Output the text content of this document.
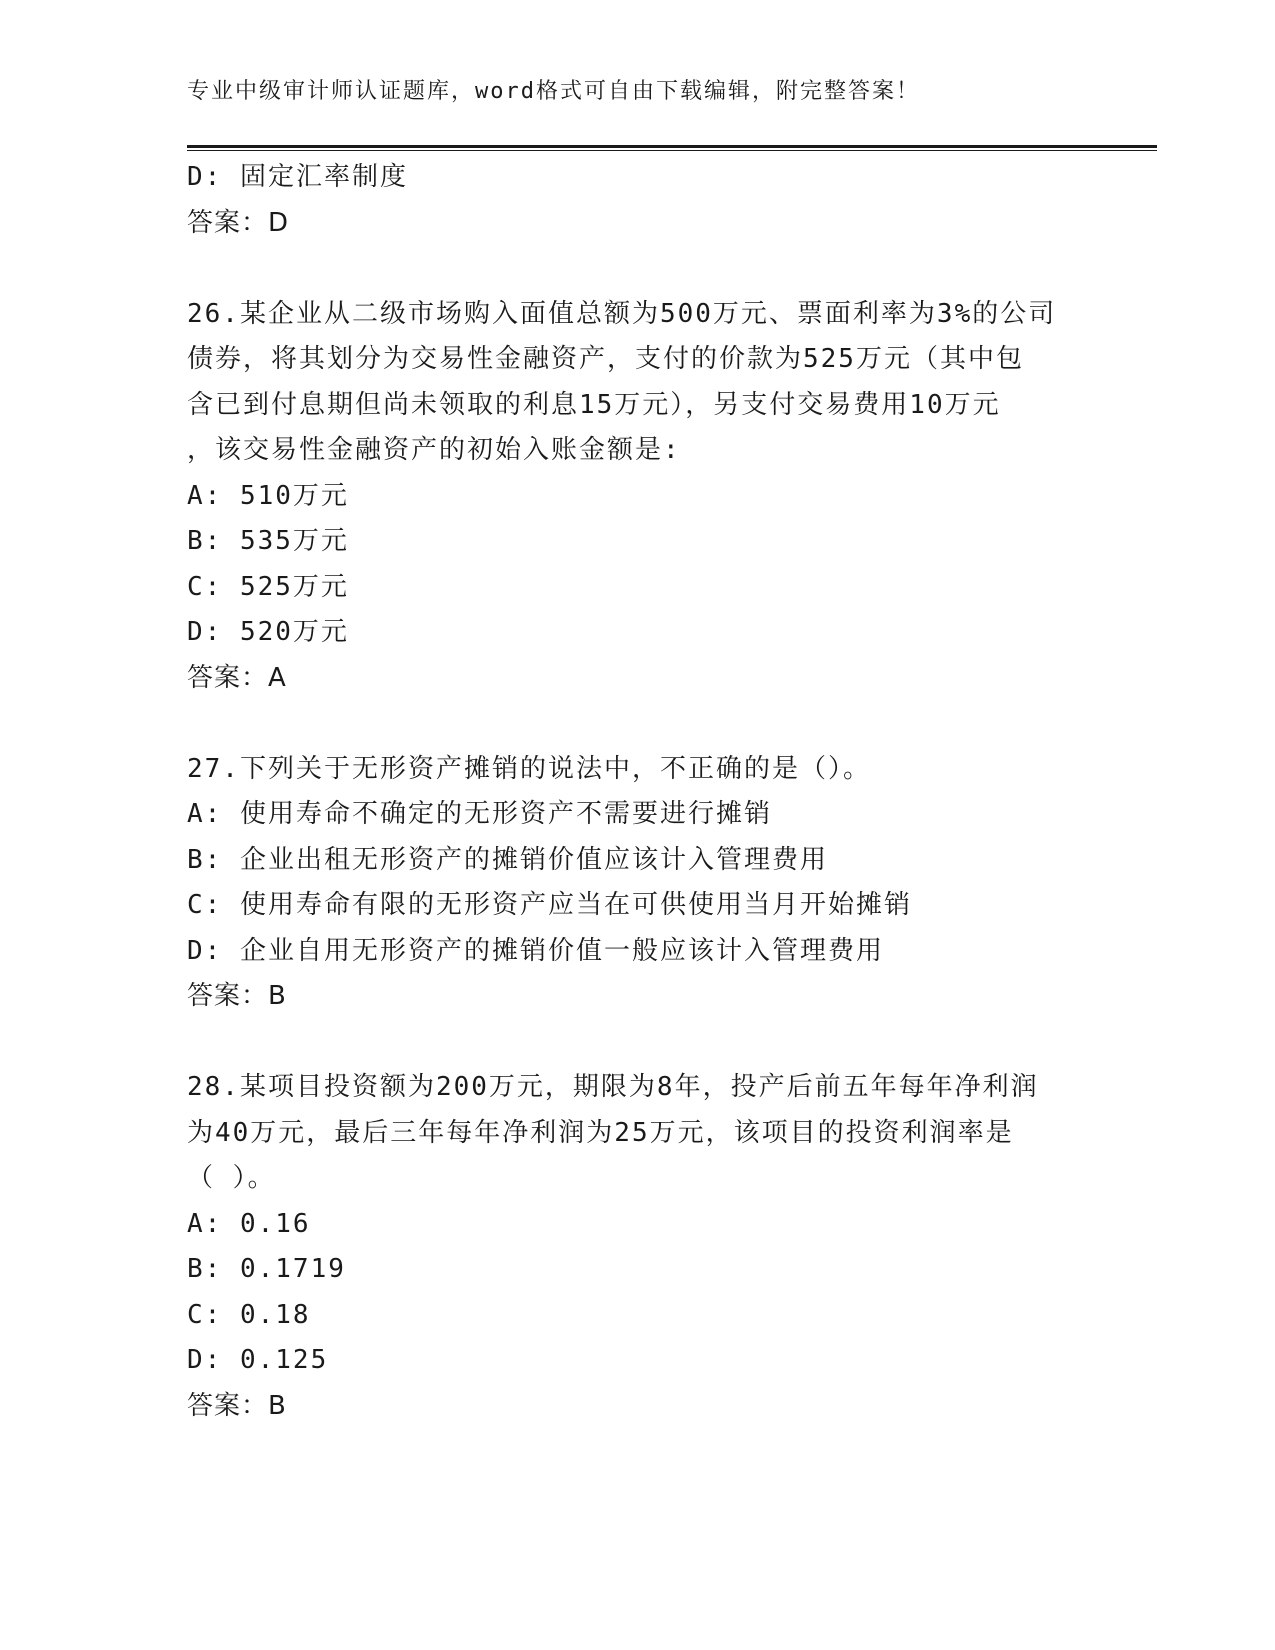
专业中级审计师认证题库，word格式可自由下载编辑，附完整答案！
D: 固定汇率制度
答案：D
26.某企业从二级市场购入面值总额为500万元、票面利率为3%的公司
债券，将其划分为交易性金融资产，支付的价款为525万元（其中包
含已到付息期但尚未领取的利息15万元），另支付交易费用10万元
，该交易性金融资产的初始入账金额是:
A: 510万元
B: 535万元
C: 525万元
D: 520万元
答案：A
27.下列关于无形资产摊销的说法中，不正确的是（）。
A: 使用寿命不确定的无形资产不需要进行摊销
B: 企业出租无形资产的摊销价值应该计入管理费用
C: 使用寿命有限的无形资产应当在可供使用当月开始摊销
D: 企业自用无形资产的摊销价值一般应该计入管理费用
答案：B
28.某项目投资额为200万元，期限为8年，投产后前五年每年净利润
为40万元，最后三年每年净利润为25万元，该项目的投资利润率是
（ ）。
A: 0.16
B: 0.1719
C: 0.18
D: 0.125
答案：B
